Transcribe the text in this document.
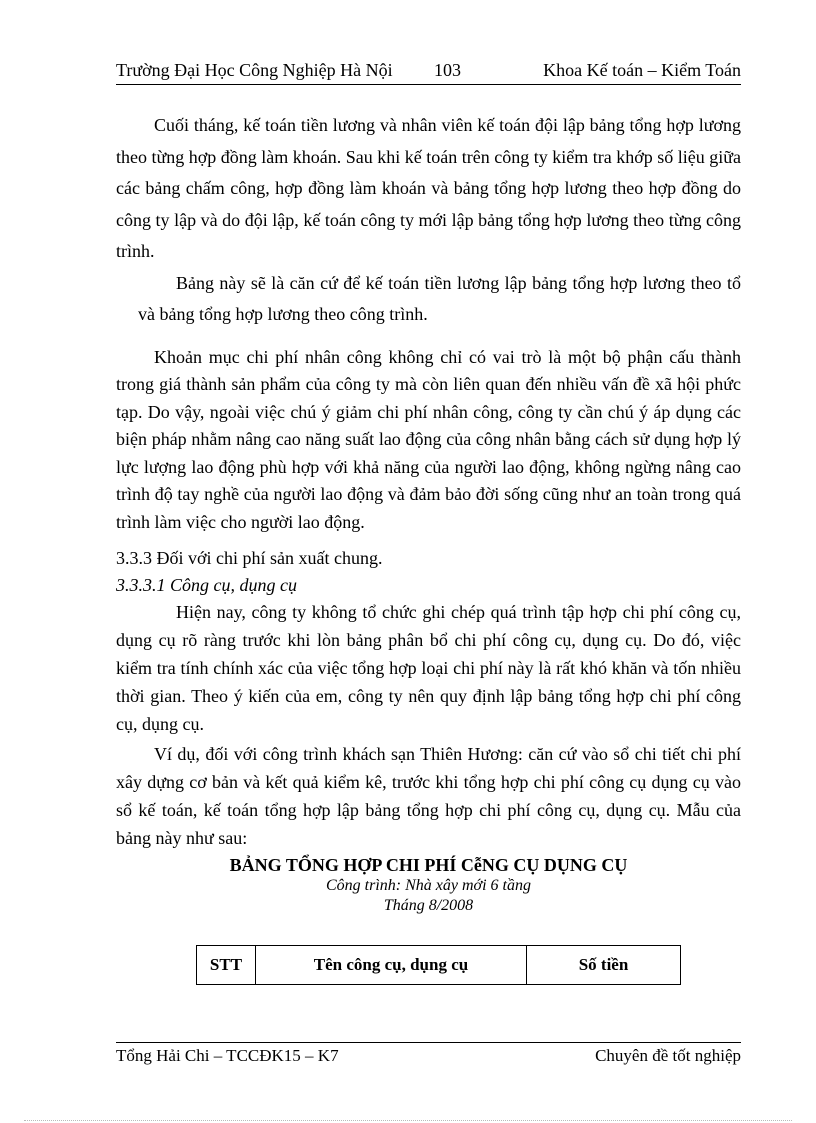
Trường Đại Học Công Nghiệp Hà Nội	103	Khoa Kế toán – Kiểm Toán

Cuối tháng, kế toán tiền lương và nhân viên kế toán đội lập bảng tổng hợp lương theo từng hợp đồng làm khoán. Sau khi kế toán trên công ty kiểm tra khớp số liệu giữa các bảng chấm công, hợp đồng làm khoán và bảng tổng hợp lương theo hợp đồng do công ty lập và do đội lập, kế toán công ty mới lập bảng tổng hợp lương theo từng công trình.

Bảng này sẽ là căn cứ để kế toán tiền lương lập bảng tổng hợp lương theo tổ và bảng tổng hợp lương theo công trình.

Khoản mục chi phí nhân công không chỉ có vai trò là một bộ phận cấu thành trong giá thành sản phẩm của công ty mà còn liên quan đến nhiều vấn đề xã hội phức tạp. Do vậy, ngoài việc chú ý giảm chi phí nhân công, công ty cần chú ý áp dụng các biện pháp nhằm nâng cao năng suất lao động của công nhân bằng cách sử dụng hợp lý lực lượng lao động phù hợp với khả năng của người lao động, không ngừng nâng cao trình độ tay nghề của người lao động và đảm bảo đời sống cũng như an toàn trong quá trình làm việc cho người lao động.

3.3.3 Đối với chi phí sản xuất chung.

3.3.3.1 Công cụ, dụng cụ

Hiện nay, công ty không tổ chức ghi chép quá trình tập hợp chi phí công cụ, dụng cụ rõ ràng trước khi lòn bảng phân bổ chi phí công cụ, dụng cụ. Do đó, việc kiểm tra tính chính xác của việc tổng hợp loại chi phí này là rất khó khăn và tốn nhiều thời gian. Theo ý kiến của em, công ty nên quy định lập bảng tổng hợp chi phí công cụ, dụng cụ.

Ví dụ, đối với công trình khách sạn Thiên Hương: căn cứ vào sổ chi tiết chi phí xây dựng cơ bản và kết quả kiểm kê, trước khi tổng hợp chi phí công cụ dụng cụ vào sổ kế toán, kế toán tổng hợp lập bảng tổng hợp chi phí công cụ, dụng cụ. Mẫu của bảng này như sau:

BẢNG TỔNG HỢP CHI PHÍ CễNG CỤ DỤNG CỤ
Công trình: Nhà xây mới 6 tầng
Tháng 8/2008
STT	Tên công cụ, dụng cụ	Số tiền
Tổng Hải Chi – TCCĐK15 – K7	Chuyên đề tốt nghiệp
